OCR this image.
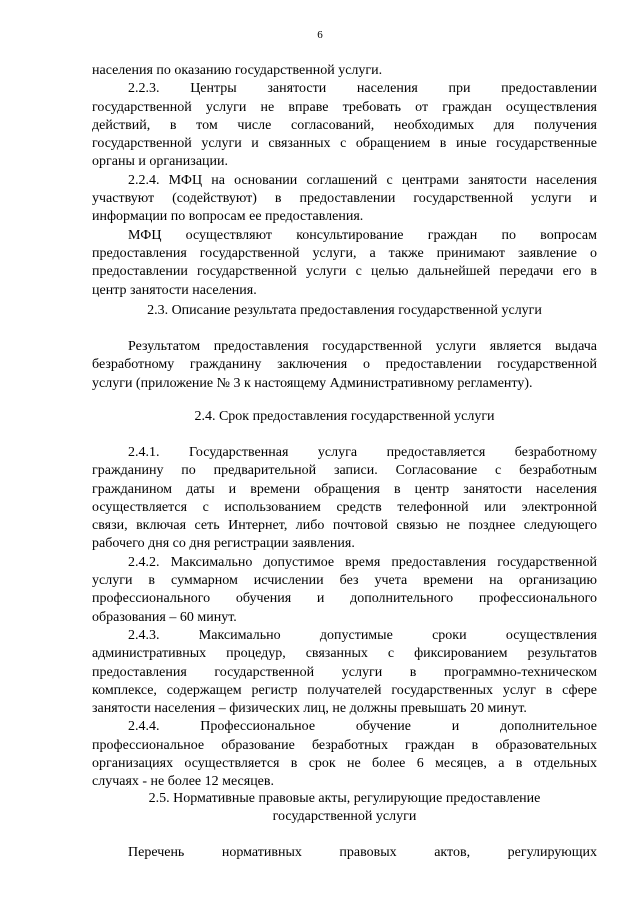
6
населения по оказанию государственной услуги.
2.2.3. Центры занятости населения при предоставлении
государственной услуги не вправе требовать от граждан осуществления
действий, в том числе согласований, необходимых для получения
государственной услуги и связанных с обращением в иные государственные
органы и организации.
2.2.4. МФЦ на основании соглашений с центрами занятости населения
участвуют (содействуют) в предоставлении государственной услуги и
информации по вопросам ее предоставления.
МФЦ осуществляют консультирование граждан по вопросам
предоставления государственной услуги, а также принимают заявление о
предоставлении государственной услуги с целью дальнейшей передачи его в
центр занятости населения.
2.3. Описание результата предоставления государственной услуги
Результатом предоставления государственной услуги является выдача
безработному гражданину заключения о предоставлении государственной
услуги (приложение № 3 к настоящему Административному регламенту).
2.4. Срок предоставления государственной услуги
2.4.1. Государственная услуга предоставляется безработному
гражданину по предварительной записи. Согласование с безработным
гражданином даты и времени обращения в центр занятости населения
осуществляется с использованием средств телефонной или электронной
связи, включая сеть Интернет, либо почтовой связью не позднее следующего
рабочего дня со дня регистрации заявления.
2.4.2. Максимально допустимое время предоставления государственной
услуги в суммарном исчислении без учета времени на организацию
профессионального обучения и дополнительного профессионального
образования – 60 минут.
2.4.3. Максимально допустимые сроки осуществления
административных процедур, связанных с фиксированием результатов
предоставления государственной услуги в программно-техническом
комплексе, содержащем регистр получателей государственных услуг в сфере
занятости населения – физических лиц, не должны превышать 20 минут.
2.4.4. Профессиональное обучение и дополнительное
профессиональное образование безработных граждан в образовательных
организациях осуществляется в срок не более 6 месяцев, а в отдельных
случаях - не более 12 месяцев.
2.5. Нормативные правовые акты, регулирующие предоставление
государственной услуги
Перечень нормативных правовых актов, регулирующих
